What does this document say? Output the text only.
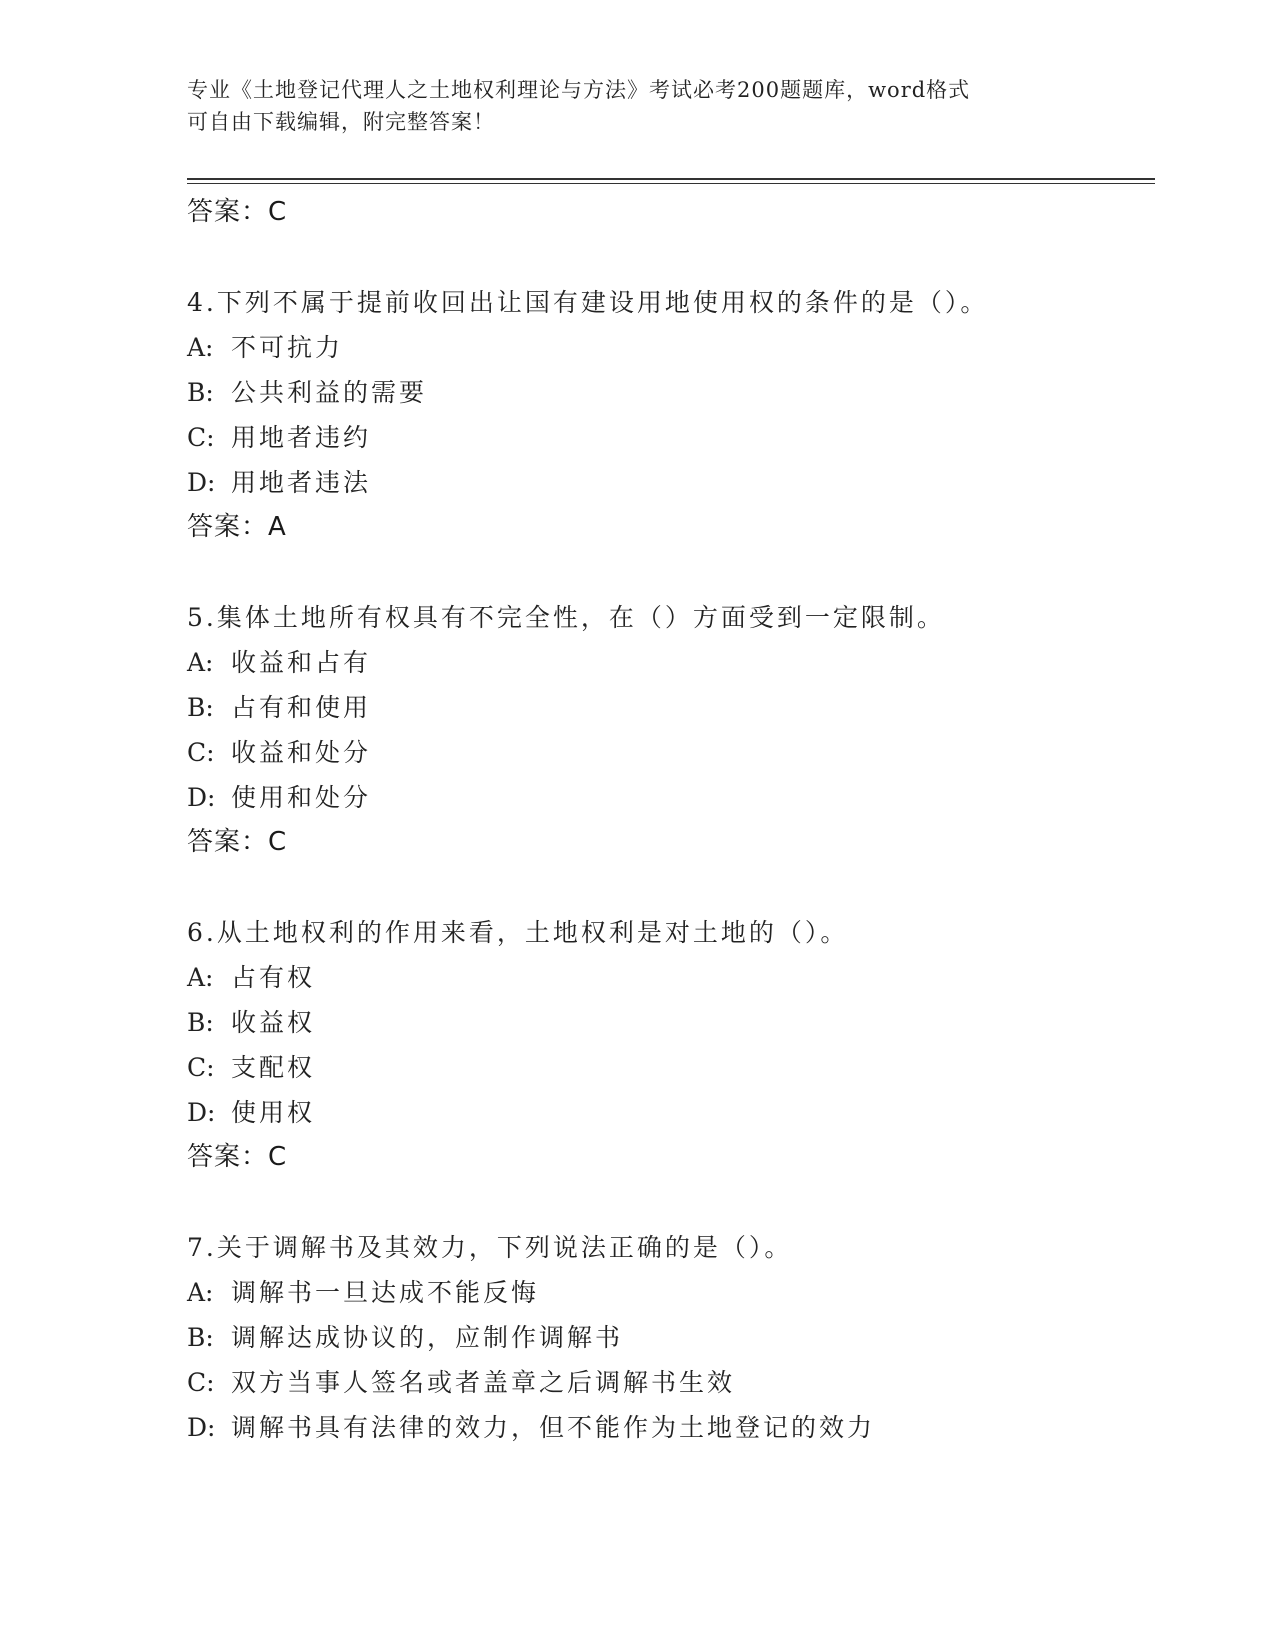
专业《土地登记代理人之土地权利理论与方法》考试必考200题题库，word格式
可自由下载编辑，附完整答案！
答案：C
4.下列不属于提前收回出让国有建设用地使用权的条件的是（）。
A: 不可抗力
B: 公共利益的需要
C: 用地者违约
D: 用地者违法
答案：A
5.集体土地所有权具有不完全性，在（）方面受到一定限制。
A: 收益和占有
B: 占有和使用
C: 收益和处分
D: 使用和处分
答案：C
6.从土地权利的作用来看，土地权利是对土地的（）。
A: 占有权
B: 收益权
C: 支配权
D: 使用权
答案：C
7.关于调解书及其效力，下列说法正确的是（）。
A: 调解书一旦达成不能反悔
B: 调解达成协议的，应制作调解书
C: 双方当事人签名或者盖章之后调解书生效
D: 调解书具有法律的效力，但不能作为土地登记的效力
